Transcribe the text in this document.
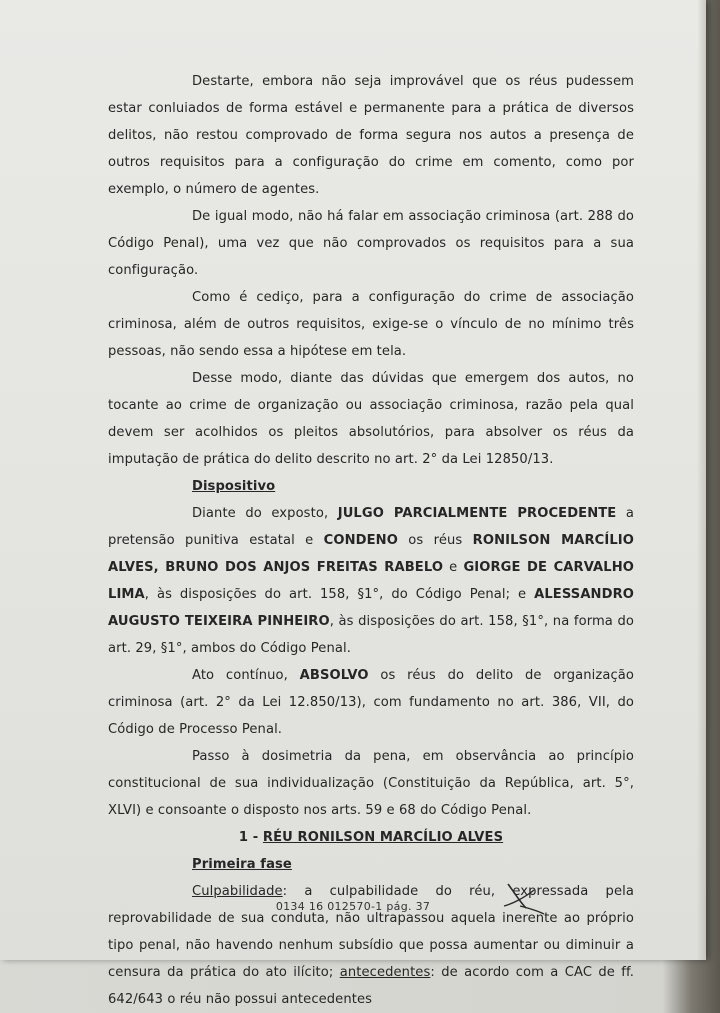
Destarte, embora não seja improvável que os réus pudessem estar conluiados de forma estável e permanente para a prática de diversos delitos, não restou comprovado de forma segura nos autos a presença de outros requisitos para a configuração do crime em comento, como por exemplo, o número de agentes.

De igual modo, não há falar em associação criminosa (art. 288 do Código Penal), uma vez que não comprovados os requisitos para a sua configuração.

Como é cediço, para a configuração do crime de associação criminosa, além de outros requisitos, exige-se o vínculo de no mínimo três pessoas, não sendo essa a hipótese em tela.

Desse modo, diante das dúvidas que emergem dos autos, no tocante ao crime de organização ou associação criminosa, razão pela qual devem ser acolhidos os pleitos absolutórios, para absolver os réus da imputação de prática do delito descrito no art. 2° da Lei 12850/13.

Dispositivo

Diante do exposto, JULGO PARCIALMENTE PROCEDENTE a pretensão punitiva estatal e CONDENO os réus RONILSON MARCÍLIO ALVES, BRUNO DOS ANJOS FREITAS RABELO e GIORGE DE CARVALHO LIMA, às disposições do art. 158, §1°, do Código Penal; e ALESSANDRO AUGUSTO TEIXEIRA PINHEIRO, às disposições do art. 158, §1°, na forma do art. 29, §1°, ambos do Código Penal.

Ato contínuo, ABSOLVO os réus do delito de organização criminosa (art. 2° da Lei 12.850/13), com fundamento no art. 386, VII, do Código de Processo Penal.

Passo à dosimetria da pena, em observância ao princípio constitucional de sua individualização (Constituição da República, art. 5°, XLVI) e consoante o disposto nos arts. 59 e 68 do Código Penal.

1 - RÉU RONILSON MARCÍLIO ALVES

Primeira fase

Culpabilidade: a culpabilidade do réu, expressada pela reprovabilidade de sua conduta, não ultrapassou aquela inerente ao próprio tipo penal, não havendo nenhum subsídio que possa aumentar ou diminuir a censura da prática do ato ilícito; antecedentes: de acordo com a CAC de ff. 642/643 o réu não possui antecedentes

0134 16 012570-1 pág. 37
